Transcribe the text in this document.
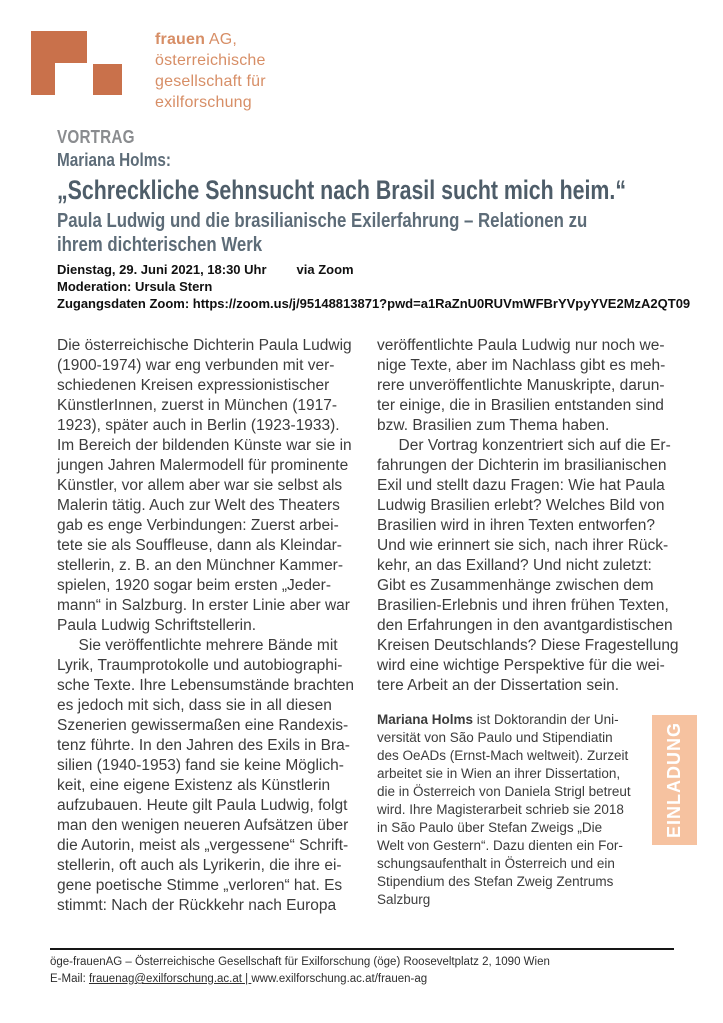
frauen AG,
österreichische
gesellschaft für
exilforschung
VORTRAG
Mariana Holms:
„Schreckliche Sehnsucht nach Brasil sucht mich heim.“
Paula Ludwig und die brasilianische Exilerfahrung – Relationen zu
ihrem dichterischen Werk
Dienstag, 29. Juni 2021, 18:30 Uhr via Zoom
Moderation: Ursula Stern
Zugangsdaten Zoom: https://zoom.us/j/95148813871?pwd=a1RaZnU0RUVmWFBrYVpyYVE2MzA2QT09
Die österreichische Dichterin Paula Ludwig
(1900-1974) war eng verbunden mit ver-
schiedenen Kreisen expressionistischer
KünstlerInnen, zuerst in München (1917-
1923), später auch in Berlin (1923-1933).
Im Bereich der bildenden Künste war sie in
jungen Jahren Malermodell für prominente
Künstler, vor allem aber war sie selbst als
Malerin tätig. Auch zur Welt des Theaters
gab es enge Verbindungen: Zuerst arbei-
tete sie als Souffleuse, dann als Kleindar-
stellerin, z. B. an den Münchner Kammer-
spielen, 1920 sogar beim ersten „Jeder-
mann“ in Salzburg. In erster Linie aber war
Paula Ludwig Schriftstellerin.
Sie veröffentlichte mehrere Bände mit
Lyrik, Traumprotokolle und autobiographi-
sche Texte. Ihre Lebensumstände brachten
es jedoch mit sich, dass sie in all diesen
Szenerien gewissermaßen eine Randexis-
tenz führte. In den Jahren des Exils in Bra-
silien (1940-1953) fand sie keine Möglich-
keit, eine eigene Existenz als Künstlerin
aufzubauen. Heute gilt Paula Ludwig, folgt
man den wenigen neueren Aufsätzen über
die Autorin, meist als „vergessene“ Schrift-
stellerin, oft auch als Lyrikerin, die ihre ei-
gene poetische Stimme „verloren“ hat. Es
stimmt: Nach der Rückkehr nach Europa
veröffentlichte Paula Ludwig nur noch we-
nige Texte, aber im Nachlass gibt es meh-
rere unveröffentlichte Manuskripte, darun-
ter einige, die in Brasilien entstanden sind
bzw. Brasilien zum Thema haben.
Der Vortrag konzentriert sich auf die Er-
fahrungen der Dichterin im brasilianischen
Exil und stellt dazu Fragen: Wie hat Paula
Ludwig Brasilien erlebt? Welches Bild von
Brasilien wird in ihren Texten entworfen?
Und wie erinnert sie sich, nach ihrer Rück-
kehr, an das Exilland? Und nicht zuletzt:
Gibt es Zusammenhänge zwischen dem
Brasilien-Erlebnis und ihren frühen Texten,
den Erfahrungen in den avantgardistischen
Kreisen Deutschlands? Diese Fragestellung
wird eine wichtige Perspektive für die wei-
tere Arbeit an der Dissertation sein.
Mariana Holms ist Doktorandin der Uni-
versität von São Paulo und Stipendiatin
des OeADs (Ernst-Mach weltweit). Zurzeit
arbeitet sie in Wien an ihrer Dissertation,
die in Österreich von Daniela Strigl betreut
wird. Ihre Magisterarbeit schrieb sie 2018
in São Paulo über Stefan Zweigs „Die
Welt von Gestern“. Dazu dienten ein For-
schungsaufenthalt in Österreich und ein
Stipendium des Stefan Zweig Zentrums
Salzburg
EINLADUNG
öge-frauenAG – Österreichische Gesellschaft für Exilforschung (öge) Rooseveltplatz 2, 1090 Wien
E-Mail: frauenag@exilforschung.ac.at | www.exilforschung.ac.at/frauen-ag
